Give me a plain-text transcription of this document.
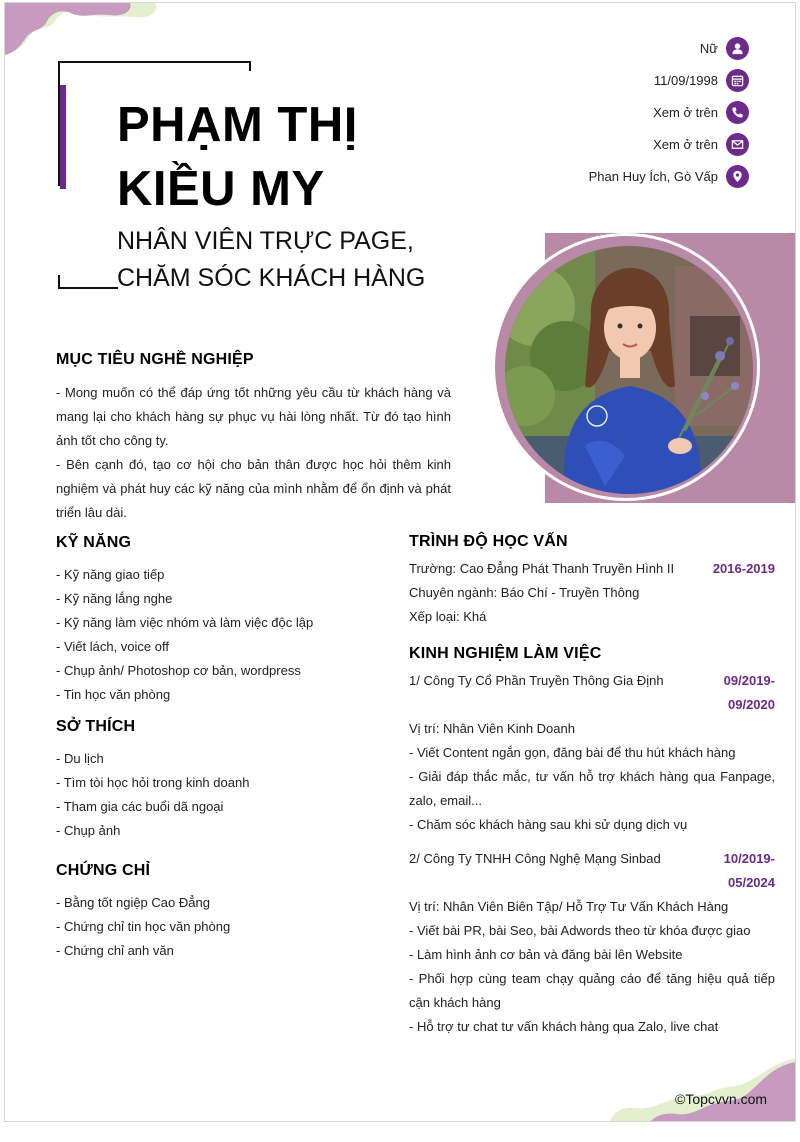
PHẠM THỊ
KIỀU MY
NHÂN VIÊN TRỰC PAGE,
CHĂM SÓC KHÁCH HÀNG
Nữ
11/09/1998
Xem ở trên
Xem ở trên
Phan Huy Ích, Gò Vấp
MỤC TIÊU NGHỀ NGHIỆP
- Mong muốn có thể đáp ứng tốt những yêu cầu từ khách hàng và mang lại cho khách hàng sự phục vụ hài lòng nhất. Từ đó tạo hình ảnh tốt cho công ty.
- Bên cạnh đó, tạo cơ hội cho bản thân được học hỏi thêm kinh nghiệm và phát huy các kỹ năng của mình nhằm để ổn định và phát triển lâu dài.
KỸ NĂNG
- Kỹ năng giao tiếp
- Kỹ năng lắng nghe
- Kỹ năng làm việc nhóm và làm việc độc lập
- Viết lách, voice off
- Chụp ảnh/ Photoshop cơ bản, wordpress
- Tin học văn phòng
SỞ THÍCH
- Du lịch
- Tìm tòi học hỏi trong kinh doanh
- Tham gia các buổi dã ngoại
- Chụp ảnh
CHỨNG CHỈ
- Bằng tốt ngiệp Cao Đẳng
- Chứng chỉ tin học văn phòng
- Chứng chỉ anh văn
TRÌNH ĐỘ HỌC VẤN
Trường: Cao Đẳng Phát Thanh Truyền Hình II	2016-2019
Chuyên ngành: Báo Chí - Truyền Thông
Xếp loại: Khá
KINH NGHIỆM LÀM VIỆC
1/ Công Ty Cổ Phần Truyền Thông Gia Định	09/2019-
09/2020
Vị trí: Nhân Viên Kinh Doanh
- Viết Content ngắn gọn, đăng bài để thu hút khách hàng
- Giải đáp thắc mắc, tư vấn hỗ trợ khách hàng qua Fanpage, zalo, email...
- Chăm sóc khách hàng sau khi sử dụng dịch vụ
2/ Công Ty TNHH Công Nghệ Mạng Sinbad	10/2019-
05/2024
Vị trí: Nhân Viên Biên Tập/ Hỗ Trợ Tư Vấn Khách Hàng
- Viết bài PR, bài Seo, bài Adwords theo từ khóa được giao
- Làm hình ảnh cơ bản và đăng bài lên Website
- Phối hợp cùng team chạy quảng cáo để tăng hiệu quả tiếp cận khách hàng
- Hỗ trợ tư chat tư vấn khách hàng qua Zalo, live chat
©Topcvvn.com
